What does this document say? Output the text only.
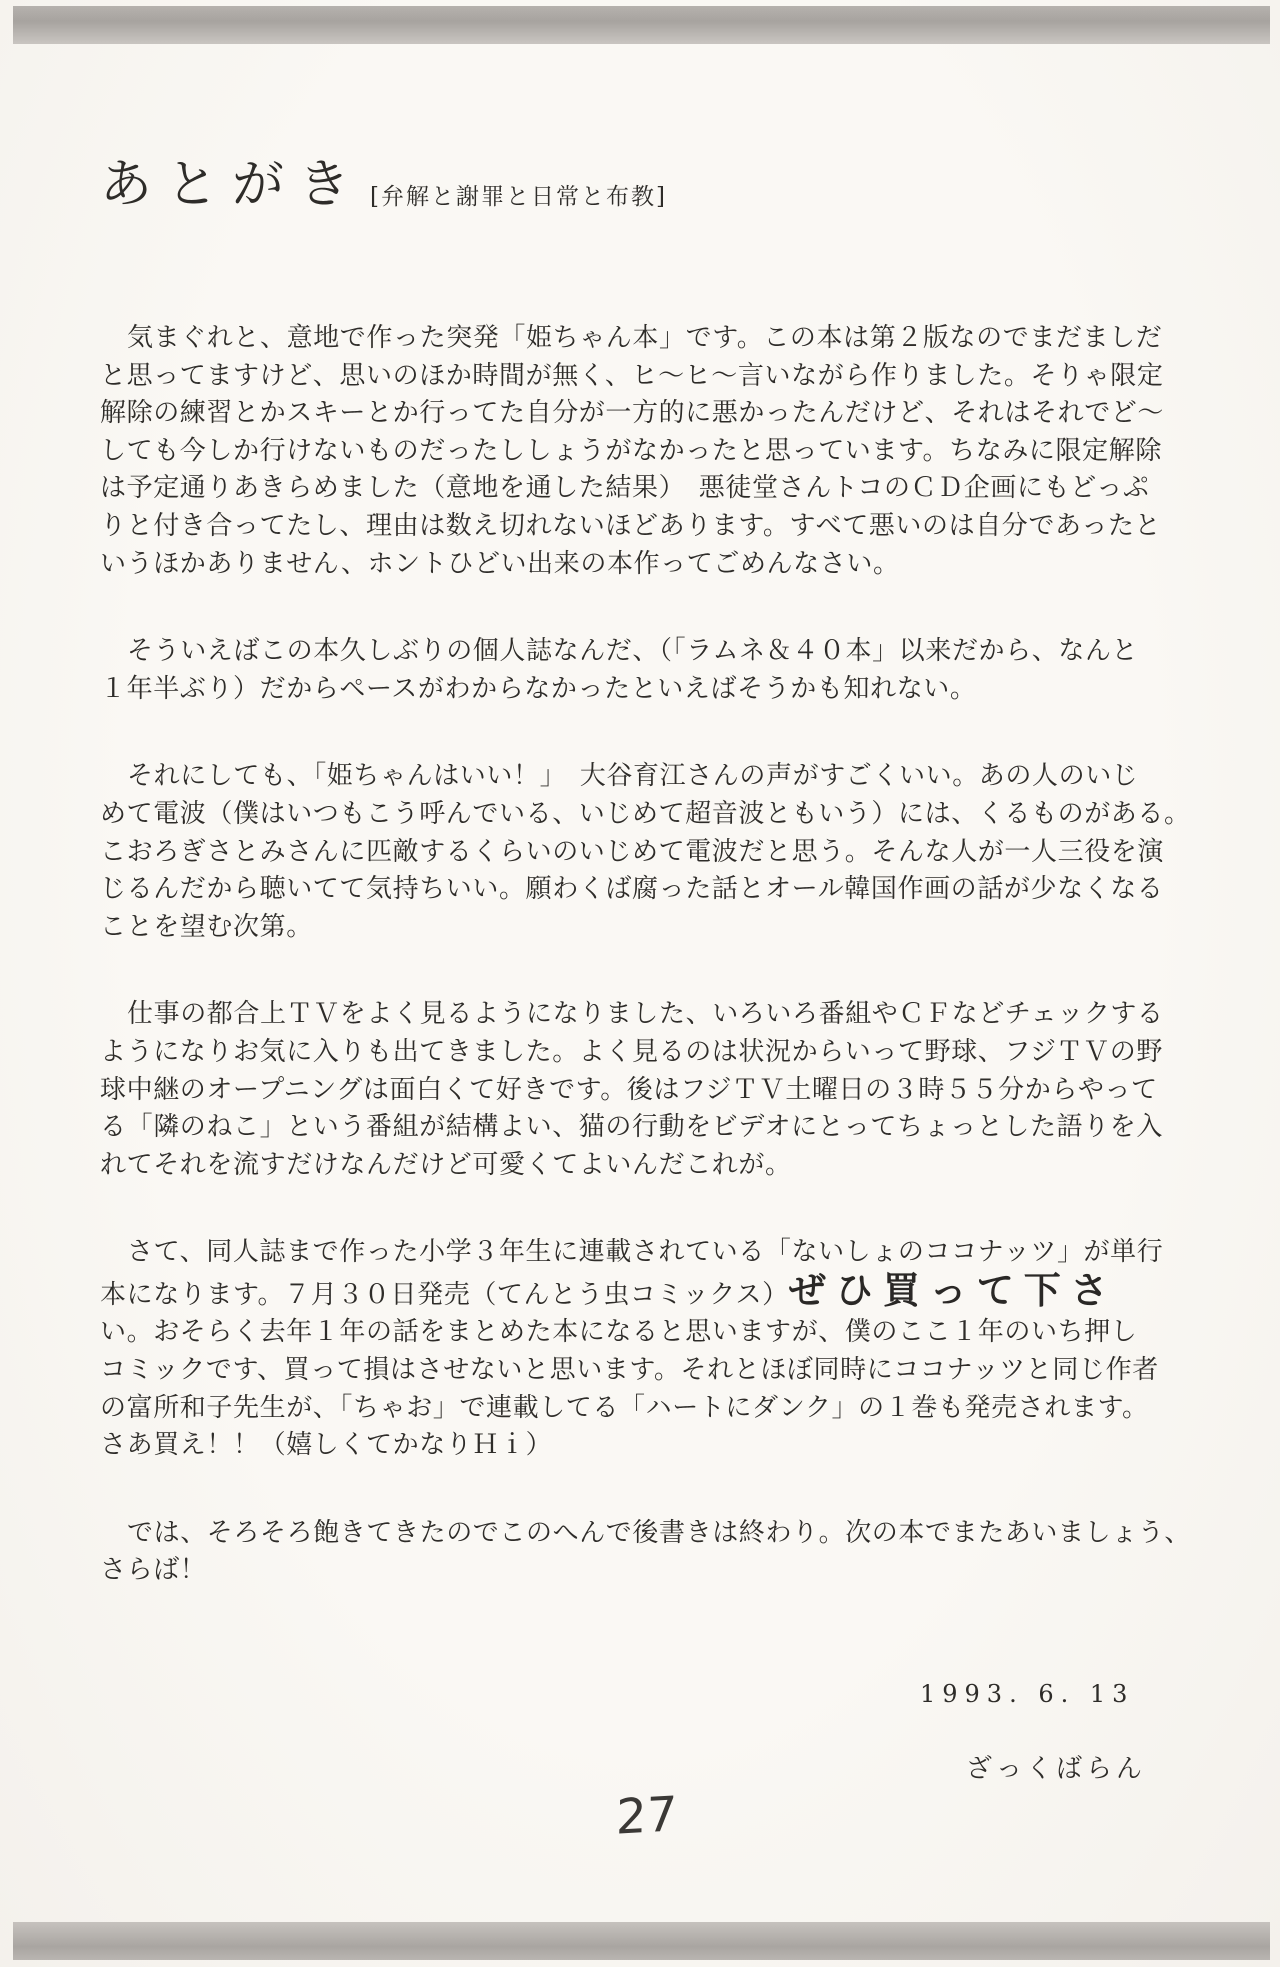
あとがき [弁解と謝罪と日常と布教]
気まぐれと、意地で作った突発「姫ちゃん本」です。この本は第２版なのでまだましだ
と思ってますけど、思いのほか時間が無く、ヒ〜ヒ〜言いながら作りました。そりゃ限定
解除の練習とかスキーとか行ってた自分が一方的に悪かったんだけど、それはそれでど〜
しても今しか行けないものだったししょうがなかったと思っています。ちなみに限定解除
は予定通りあきらめました（意地を通した結果）　悪徒堂さんトコのＣＤ企画にもどっぷ
りと付き合ってたし、理由は数え切れないほどあります。すべて悪いのは自分であったと
いうほかありません、ホントひどい出来の本作ってごめんなさい。
そういえばこの本久しぶりの個人誌なんだ、（「ラムネ＆４０本」以来だから、なんと
１年半ぶり）だからペースがわからなかったといえばそうかも知れない。
それにしても、「姫ちゃんはいい！」　大谷育江さんの声がすごくいい。あの人のいじ
めて電波（僕はいつもこう呼んでいる、いじめて超音波ともいう）には、くるものがある。
こおろぎさとみさんに匹敵するくらいのいじめて電波だと思う。そんな人が一人三役を演
じるんだから聴いてて気持ちいい。願わくば腐った話とオール韓国作画の話が少なくなる
ことを望む次第。
仕事の都合上ＴＶをよく見るようになりました、いろいろ番組やＣＦなどチェックする
ようになりお気に入りも出てきました。よく見るのは状況からいって野球、フジＴＶの野
球中継のオープニングは面白くて好きです。後はフジＴＶ土曜日の３時５５分からやって
る「隣のねこ」という番組が結構よい、猫の行動をビデオにとってちょっとした語りを入
れてそれを流すだけなんだけど可愛くてよいんだこれが。
さて、同人誌まで作った小学３年生に連載されている「ないしょのココナッツ」が単行
本になります。７月３０日発売（てんとう虫コミックス）ぜひ買って下さ
い。おそらく去年１年の話をまとめた本になると思いますが、僕のここ１年のいち押し
コミックです、買って損はさせないと思います。それとほぼ同時にココナッツと同じ作者
の富所和子先生が、「ちゃお」で連載してる「ハートにダンク」の１巻も発売されます。
さあ買え！！（嬉しくてかなりＨｉ）
では、そろそろ飽きてきたのでこのへんで後書きは終わり。次の本でまたあいましょう、
さらば！
1993. 6. 13
ざっくばらん
27
